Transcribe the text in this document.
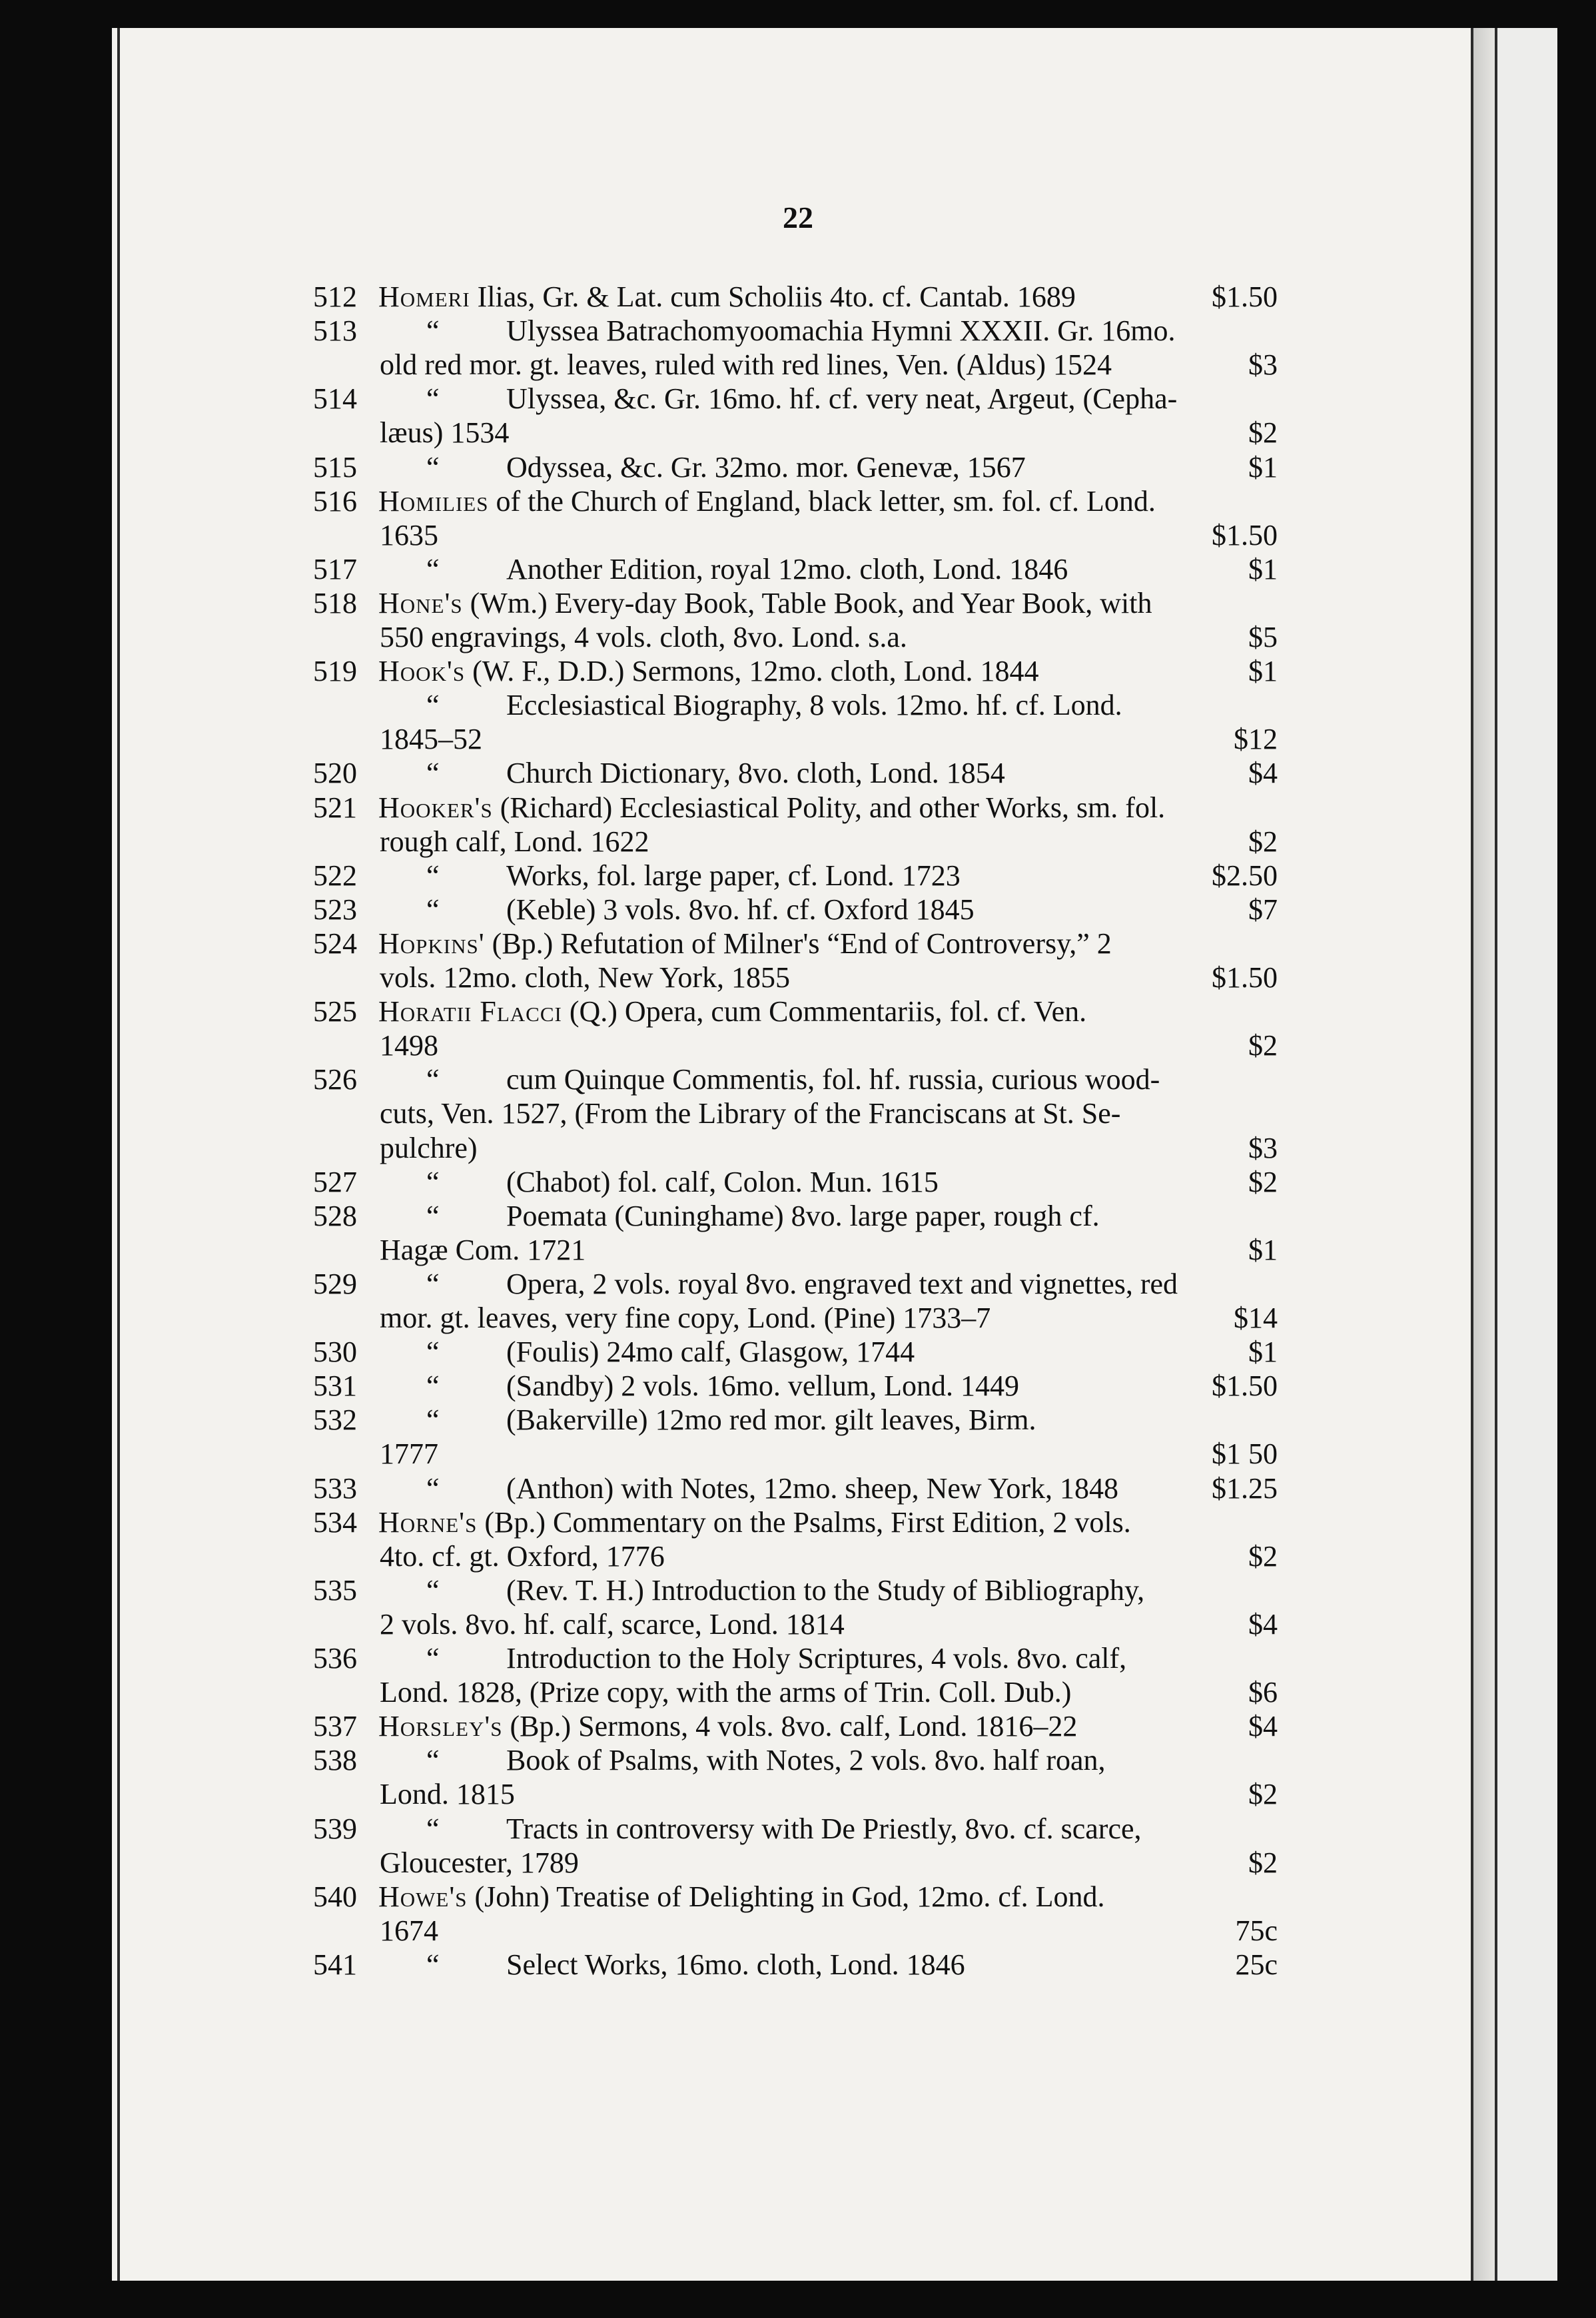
22
512 Homeri Ilias, Gr. & Lat. cum Scholiis 4to. cf. Cantab. 1689	$1.50
513 “ Ulyssea Batrachomyoomachia Hymni XXXII. Gr. 16mo.
old red mor. gt. leaves, ruled with red lines, Ven. (Aldus) 1524	$3
514 “ Ulyssea, &c. Gr. 16mo. hf. cf. very neat, Argeut, (Cepha-
læus) 1534	$2
515 “ Odyssea, &c. Gr. 32mo. mor. Genevæ, 1567	$1
516 Homilies of the Church of England, black letter, sm. fol. cf. Lond.
1635	$1.50
517 “ Another Edition, royal 12mo. cloth, Lond. 1846	$1
518 Hone's (Wm.) Every-day Book, Table Book, and Year Book, with
550 engravings, 4 vols. cloth, 8vo. Lond. s.a.	$5
519 Hook's (W. F., D.D.) Sermons, 12mo. cloth, Lond. 1844	$1
“ Ecclesiastical Biography, 8 vols. 12mo. hf. cf. Lond.
1845–52	$12
520 “ Church Dictionary, 8vo. cloth, Lond. 1854	$4
521 Hooker's (Richard) Ecclesiastical Polity, and other Works, sm. fol.
rough calf, Lond. 1622	$2
522 “ Works, fol. large paper, cf. Lond. 1723	$2.50
523 “ (Keble) 3 vols. 8vo. hf. cf. Oxford 1845	$7
524 Hopkins' (Bp.) Refutation of Milner's “End of Controversy,” 2
vols. 12mo. cloth, New York, 1855	$1.50
525 Horatii Flacci (Q.) Opera, cum Commentariis, fol. cf. Ven.
1498	$2
526 “ cum Quinque Commentis, fol. hf. russia, curious wood-
cuts, Ven. 1527, (From the Library of the Franciscans at St. Se-
pulchre)	$3
527 “ (Chabot) fol. calf, Colon. Mun. 1615	$2
528 “ Poemata (Cuninghame) 8vo. large paper, rough cf.
Hagæ Com. 1721	$1
529 “ Opera, 2 vols. royal 8vo. engraved text and vignettes, red
mor. gt. leaves, very fine copy, Lond. (Pine) 1733–7	$14
530 “ (Foulis) 24mo calf, Glasgow, 1744	$1
531 “ (Sandby) 2 vols. 16mo. vellum, Lond. 1449	$1.50
532 “ (Bakerville) 12mo red mor. gilt leaves, Birm.
1777	$1 50
533 “ (Anthon) with Notes, 12mo. sheep, New York, 1848	$1.25
534 Horne's (Bp.) Commentary on the Psalms, First Edition, 2 vols.
4to. cf. gt. Oxford, 1776	$2
535 “ (Rev. T. H.) Introduction to the Study of Bibliography,
2 vols. 8vo. hf. calf, scarce, Lond. 1814	$4
536 “ Introduction to the Holy Scriptures, 4 vols. 8vo. calf,
Lond. 1828, (Prize copy, with the arms of Trin. Coll. Dub.)	$6
537 Horsley's (Bp.) Sermons, 4 vols. 8vo. calf, Lond. 1816–22	$4
538 “ Book of Psalms, with Notes, 2 vols. 8vo. half roan,
Lond. 1815	$2
539 “ Tracts in controversy with De Priestly, 8vo. cf. scarce,
Gloucester, 1789	$2
540 Howe's (John) Treatise of Delighting in God, 12mo. cf. Lond.
1674	75c
541 “ Select Works, 16mo. cloth, Lond. 1846	25c
